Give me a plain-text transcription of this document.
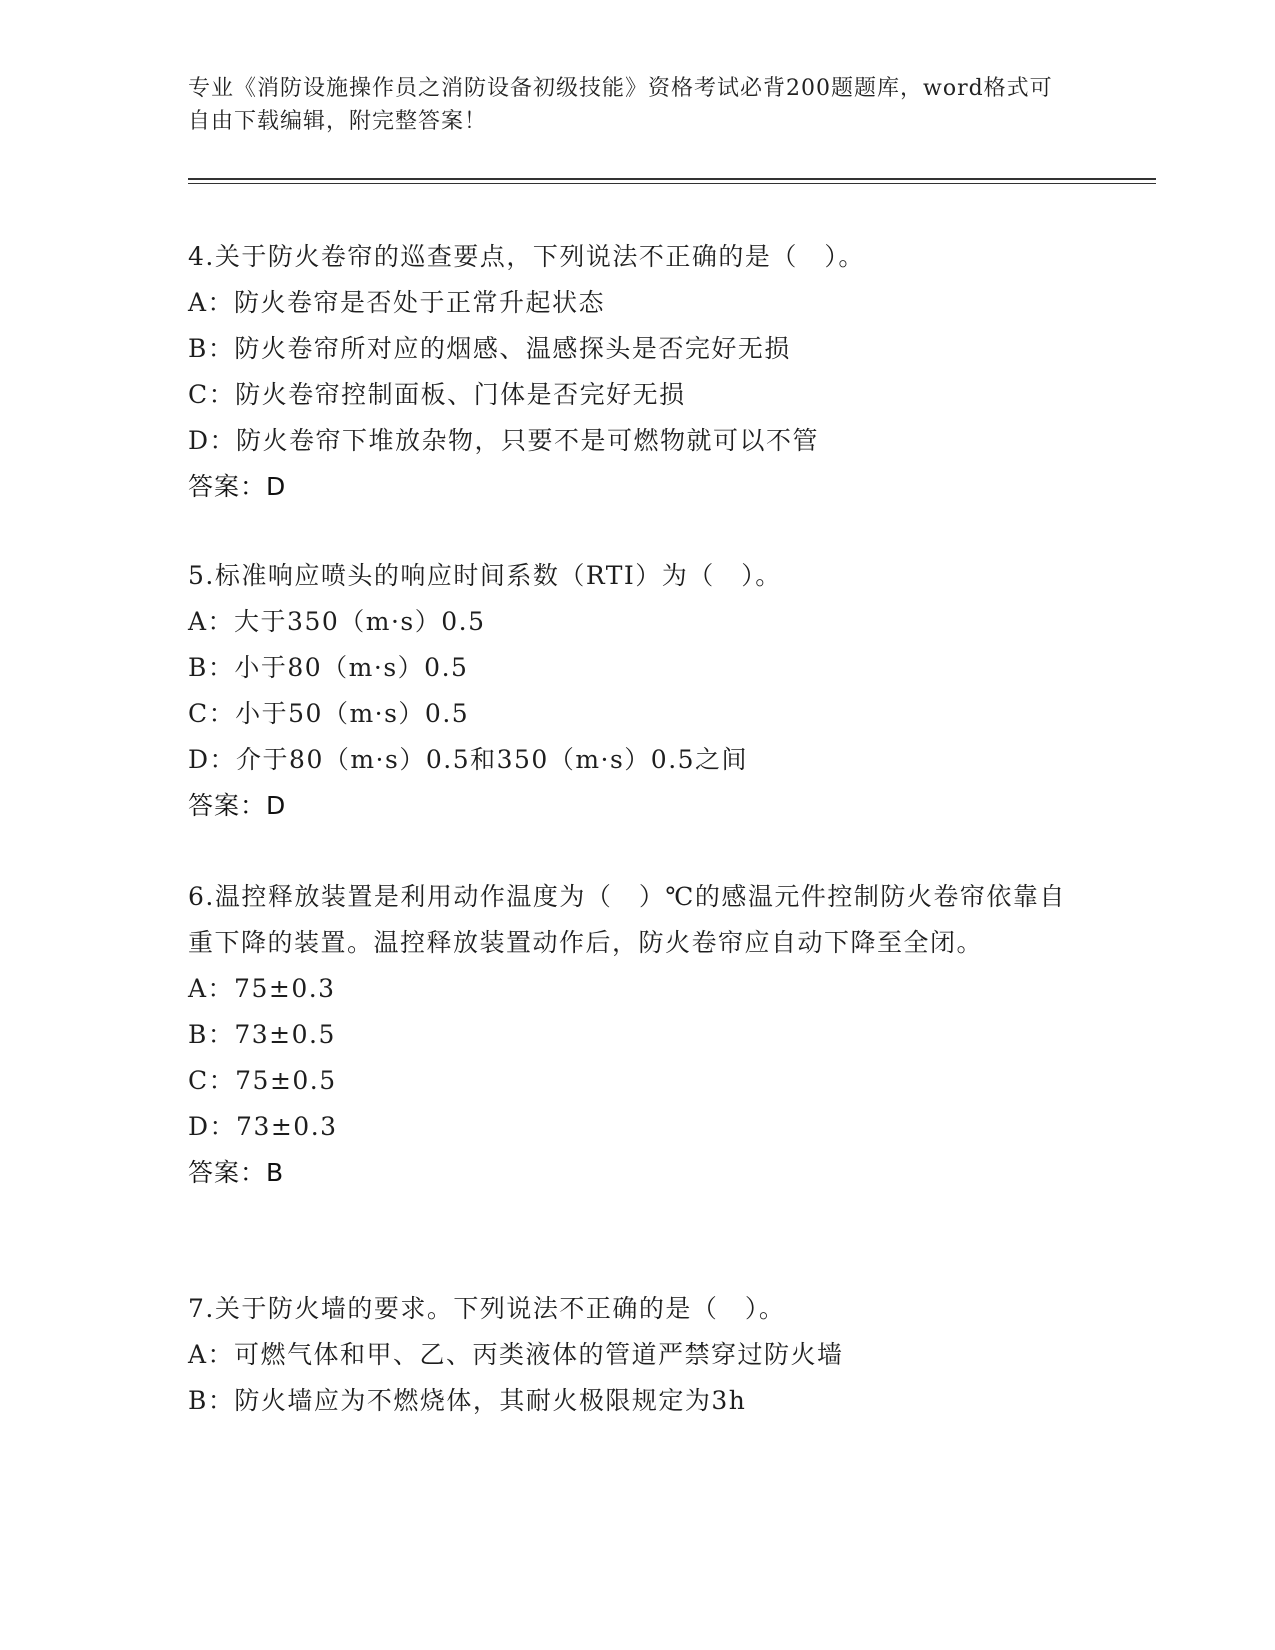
专业《消防设施操作员之消防设备初级技能》资格考试必背200题题库，word格式可自由下载编辑，附完整答案！

4.关于防火卷帘的巡查要点，下列说法不正确的是（　）。

A：防火卷帘是否处于正常升起状态

B：防火卷帘所对应的烟感、温感探头是否完好无损

C：防火卷帘控制面板、门体是否完好无损

D：防火卷帘下堆放杂物，只要不是可燃物就可以不管

答案：D

5.标准响应喷头的响应时间系数（RTI）为（　）。

A：大于350（m·s）0.5

B：小于80（m·s）0.5

C：小于50（m·s）0.5

D：介于80（m·s）0.5和350（m·s）0.5之间

答案：D

6.温控释放装置是利用动作温度为（　）℃的感温元件控制防火卷帘依靠自重下降的装置。温控释放装置动作后，防火卷帘应自动下降至全闭。

A：75±0.3

B：73±0.5

C：75±0.5

D：73±0.3

答案：B

7.关于防火墙的要求。下列说法不正确的是（　）。

A：可燃气体和甲、乙、丙类液体的管道严禁穿过防火墙

B：防火墙应为不燃烧体，其耐火极限规定为3h
